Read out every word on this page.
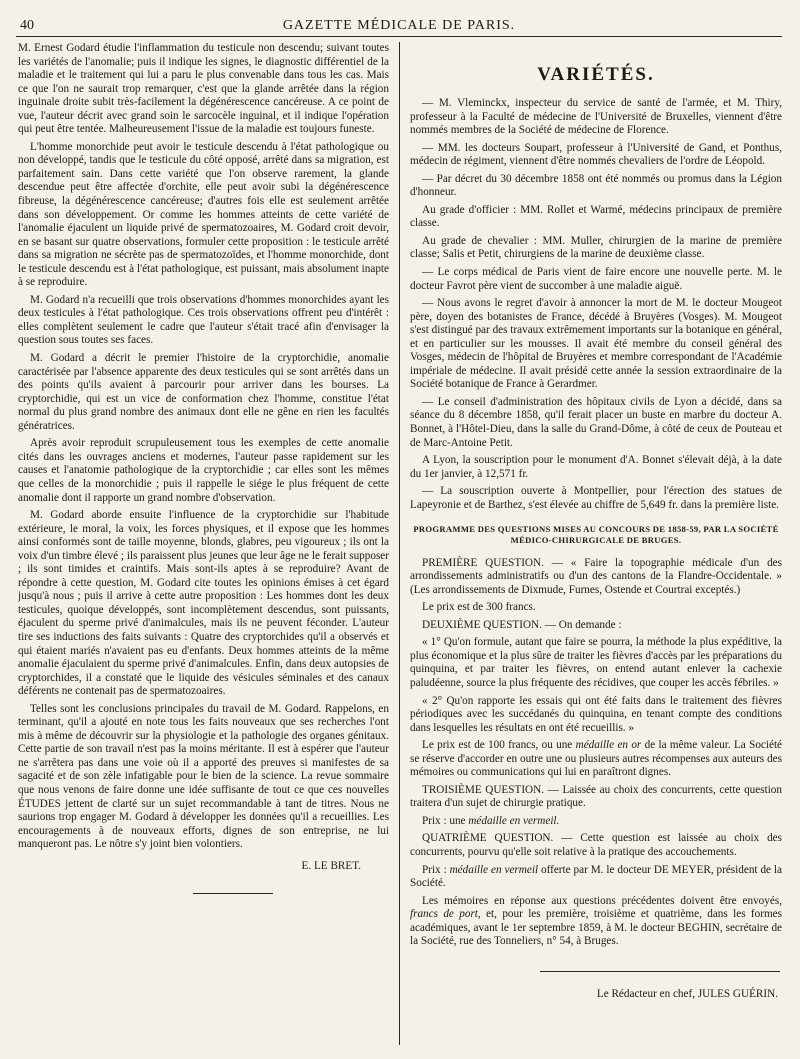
40	GAZETTE MÉDICALE DE PARIS.

M. Ernest Godard étudie l'inflammation du testicule non descendu; suivant toutes les variétés de l'anomalie; puis il indique les signes, le diagnostic différentiel de la maladie et le traitement qui lui a paru le plus convenable dans tous les cas. Mais ce que l'on ne saurait trop remarquer, c'est que la glande arrêtée dans la région inguinale droite subit très-facilement la dégénérescence cancéreuse. A ce point de vue, l'auteur décrit avec grand soin le sarcocèle inguinal, et il indique l'opération qui peut être tentée. Malheureusement l'issue de la maladie est toujours funeste.

L'homme monorchide peut avoir le testicule descendu à l'état pathologique ou non développé, tandis que le testicule du côté opposé, arrêté dans sa migration, est parfaitement sain. Dans cette variété que l'on observe rarement, la glande descendue peut être affectée d'orchite, elle peut avoir subi la dégénérescence fibreuse, la dégénérescence cancéreuse; d'autres fois elle est seulement arrêtée dans son développement. Or comme les hommes atteints de cette variété de l'anomalie éjaculent un liquide privé de spermatozoaires, M. Godard croit devoir, en se basant sur quatre observations, formuler cette proposition : le testicule arrêté dans sa migration ne sécrète pas de spermatozoïdes, et l'homme monorchide, dont le testicule descendu est à l'état pathologique, est puissant, mais absolument inapte à se reproduire.

M. Godard n'a recueilli que trois observations d'hommes monorchides ayant les deux testicules à l'état pathologique. Ces trois observations offrent peu d'intérêt : elles complètent seulement le cadre que l'auteur s'était tracé afin d'envisager la question sous toutes ses faces.

M. Godard a décrit le premier l'histoire de la cryptorchidie, anomalie caractérisée par l'absence apparente des deux testicules qui se sont arrêtés dans un des points qu'ils avaient à parcourir pour arriver dans les bourses. La cryptorchidie, qui est un vice de conformation chez l'homme, constitue l'état normal du plus grand nombre des animaux dont elle ne gêne en rien les facultés génératrices.

Après avoir reproduit scrupuleusement tous les exemples de cette anomalie cités dans les ouvrages anciens et modernes, l'auteur passe rapidement sur les causes et l'anatomie pathologique de la cryptorchidie ; car elles sont les mêmes que celles de la monorchidie ; puis il rappelle le siége le plus fréquent de cette anomalie dont il rapporte un grand nombre d'observation.

M. Godard aborde ensuite l'influence de la cryptorchidie sur l'habitude extérieure, le moral, la voix, les forces physiques, et il expose que les hommes ainsi conformés sont de taille moyenne, blonds, glabres, peu vigoureux ; ils ont la voix d'un timbre élevé ; ils paraissent plus jeunes que leur âge ne le ferait supposer ; ils sont timides et craintifs. Mais sont-ils aptes à se reproduire? Avant de répondre à cette question, M. Godard cite toutes les opinions émises à cet égard jusqu'à nous ; puis il arrive à cette autre proposition : Les hommes dont les deux testicules, quoique développés, sont incomplètement descendus, sont puissants, éjaculent du sperme privé d'animalcules, mais ils ne peuvent féconder. L'auteur tire ses inductions des faits suivants : Quatre des cryptorchides qu'il a observés et qui étaient mariés n'avaient pas eu d'enfants. Deux hommes atteints de la même anomalie éjaculaient du sperme privé d'animalcules. Enfin, dans deux autopsies de cryptorchides, il a constaté que le liquide des vésicules séminales et des canaux déférents ne contenait pas de spermatozoaires.

Telles sont les conclusions principales du travail de M. Godard. Rappelons, en terminant, qu'il a ajouté en note tous les faits nouveaux que ses recherches l'ont mis à même de découvrir sur la physiologie et la pathologie des organes génitaux. Cette partie de son travail n'est pas la moins méritante. Il est à espérer que l'auteur ne s'arrêtera pas dans une voie où il a apporté des preuves si manifestes de sa sagacité et de son zèle infatigable pour le bien de la science. La revue sommaire que nous venons de faire donne une idée suffisante de tout ce que ces nouvelles ÉTUDES jettent de clarté sur un sujet recommandable à tant de titres. Nous ne saurions trop engager M. Godard à développer les données qu'il a recueillies. Les encouragements à de nouveaux efforts, dignes de son entreprise, ne lui manqueront pas. Le nôtre s'y joint bien volontiers.

E. LE BRET.
VARIÉTÉS.

— M. Vleminckx, inspecteur du service de santé de l'armée, et M. Thiry, professeur à la Faculté de médecine de l'Université de Bruxelles, viennent d'être nommés membres de la Société de médecine de Florence.

— MM. les docteurs Soupart, professeur à l'Université de Gand, et Ponthus, médecin de régiment, viennent d'être nommés chevaliers de l'ordre de Léopold.

— Par décret du 30 décembre 1858 ont été nommés ou promus dans la Légion d'honneur.

Au grade d'officier : MM. Rollet et Warmé, médecins principaux de première classe.

Au grade de chevalier : MM. Muller, chirurgien de la marine de première classe; Salis et Petit, chirurgiens de la marine de deuxième classe.

— Le corps médical de Paris vient de faire encore une nouvelle perte. M. le docteur Favrot père vient de succomber à une maladie aiguë.

— Nous avons le regret d'avoir à annoncer la mort de M. le docteur Mougeot père, doyen des botanistes de France, décédé à Bruyères (Vosges). M. Mougeot s'est distingué par des travaux extrêmement importants sur la botanique en général, et en particulier sur les mousses. Il avait été membre du conseil général des Vosges, médecin de l'hôpital de Bruyères et membre correspondant de l'Académie impériale de médecine. Il avait présidé cette année la session extraordinaire de la Société botanique de France à Gerardmer.

— Le conseil d'administration des hôpitaux civils de Lyon a décidé, dans sa séance du 8 décembre 1858, qu'il ferait placer un buste en marbre du docteur A. Bonnet, à l'Hôtel-Dieu, dans la salle du Grand-Dôme, à côté de ceux de Pouteau et de Marc-Antoine Petit.

A Lyon, la souscription pour le monument d'A. Bonnet s'élevait déjà, à la date du 1er janvier, à 12,571 fr.

— La souscription ouverte à Montpellier, pour l'érection des statues de Lapeyronie et de Barthez, s'est élevée au chiffre de 5,649 fr. dans la première liste.

PROGRAMME DES QUESTIONS MISES AU CONCOURS DE 1858-59, PAR LA SOCIÉTÉ MÉDICO-CHIRURGICALE DE BRUGES.

PREMIÈRE QUESTION. — « Faire la topographie médicale d'un des arrondissements administratifs ou d'un des cantons de la Flandre-Occidentale. » (Les arrondissements de Dixmude, Furnes, Ostende et Courtrai exceptés.)

Le prix est de 300 francs.

DEUXIÈME QUESTION. — On demande :

« 1° Qu'on formule, autant que faire se pourra, la méthode la plus expéditive, la plus économique et la plus sûre de traiter les fièvres d'accès par les préparations du quinquina, et par traiter les fièvres, on entend autant enlever la cachexie paludéenne, source la plus fréquente des récidives, que couper les accès fébriles. »

« 2° Qu'on rapporte les essais qui ont été faits dans le traitement des fièvres périodiques avec les succédanés du quinquina, en tenant compte des conditions dans lesquelles les résultats en ont été recueillis. »

Le prix est de 100 francs, ou une médaille en or de la même valeur. La Société se réserve d'accorder en outre une ou plusieurs autres récompenses aux auteurs des mémoires ou communications qui lui en paraîtront dignes.

TROISIÈME QUESTION. — Laissée au choix des concurrents, cette question traitera d'un sujet de chirurgie pratique.

Prix : une médaille en vermeil.

QUATRIÈME QUESTION. — Cette question est laissée au choix des concurrents, pourvu qu'elle soit relative à la pratique des accouchements.

Prix : médaille en vermeil offerte par M. le docteur DE MEYER, président de la Société.

Les mémoires en réponse aux questions précédentes doivent être envoyés, francs de port, et, pour les première, troisième et quatrième, dans les formes académiques, avant le 1er septembre 1859, à M. le docteur BEGHIN, secrétaire de la Société, rue des Tonneliers, n° 54, à Bruges.

Le Rédacteur en chef, JULES GUÉRIN.
